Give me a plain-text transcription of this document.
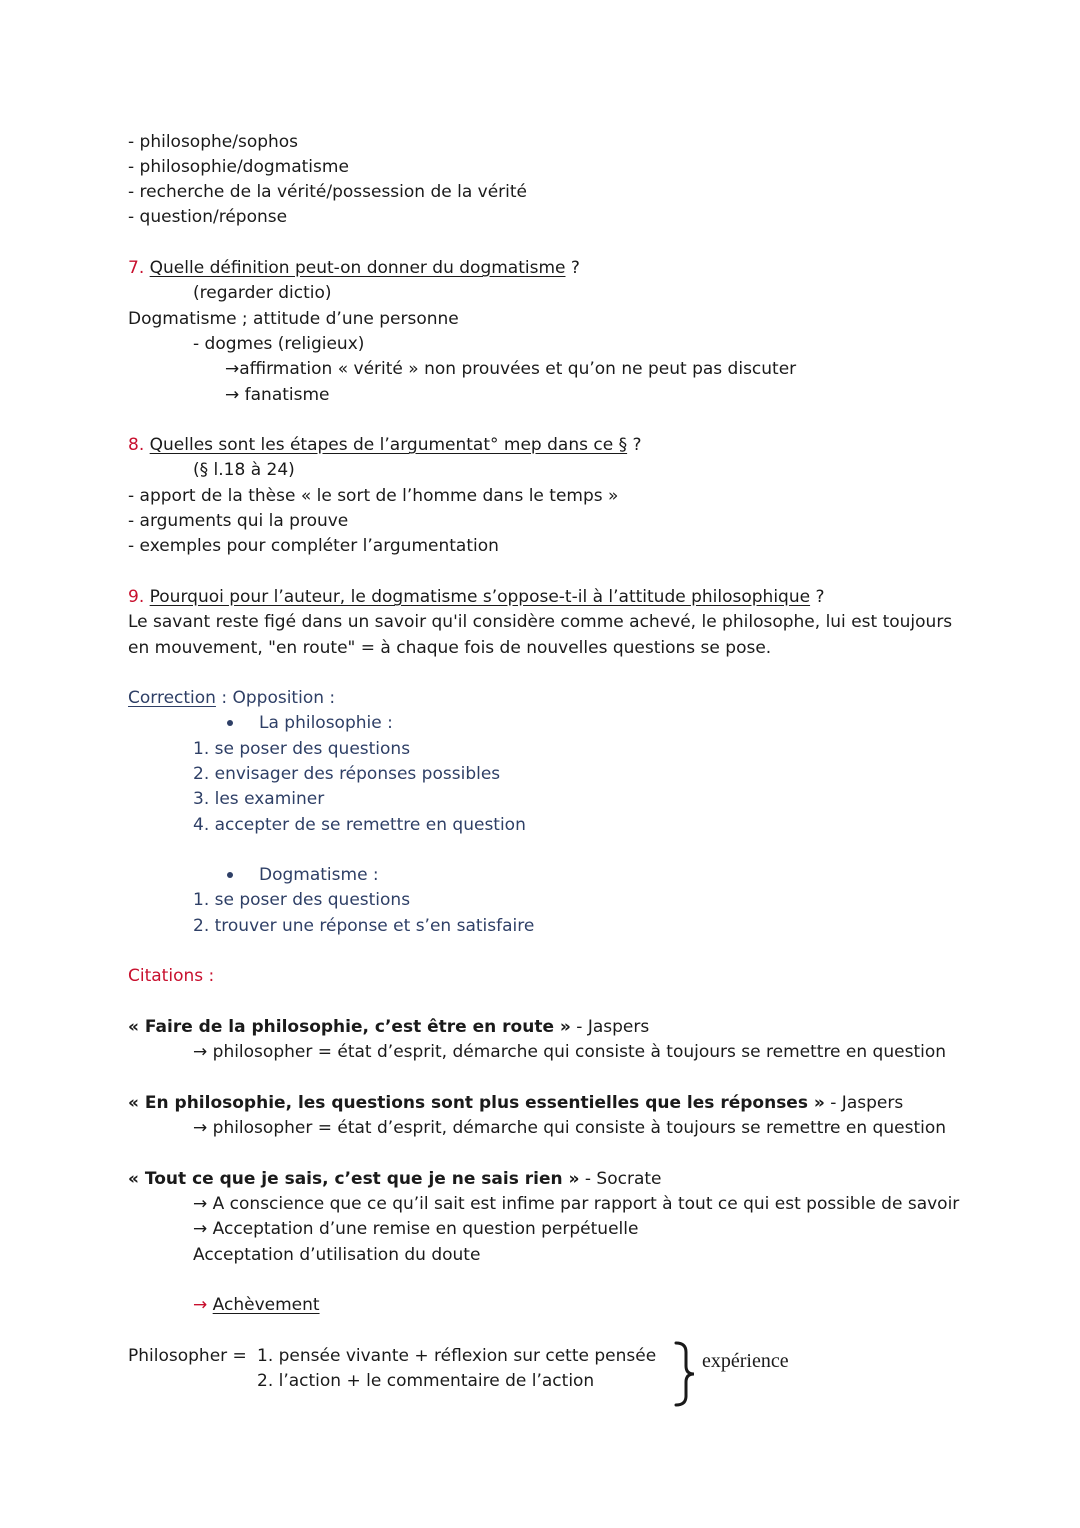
- philosophe/sophos
- philosophie/dogmatisme
- recherche de la vérité/possession de la vérité
- question/réponse
7. Quelle définition peut-on donner du dogmatisme ?
(regarder dictio)
Dogmatisme ; attitude d’une personne
- dogmes (religieux)
→affirmation « vérité » non prouvées et qu’on ne peut pas discuter
→ fanatisme
8. Quelles sont les étapes de l’argumentat° mep dans ce § ?
(§ l.18 à 24)
- apport de la thèse « le sort de l’homme dans le temps »
- arguments qui la prouve
- exemples pour compléter l’argumentation
9. Pourquoi pour l’auteur, le dogmatisme s’oppose-t-il à l’attitude philosophique ?
Le savant reste figé dans un savoir qu'il considère comme achevé, le philosophe, lui est toujours
en mouvement, "en route" = à chaque fois de nouvelles questions se pose.
Correction : Opposition :
La philosophie :
1. se poser des questions
2. envisager des réponses possibles
3. les examiner
4. accepter de se remettre en question
Dogmatisme :
1. se poser des questions
2. trouver une réponse et s’en satisfaire
Citations :
« Faire de la philosophie, c’est être en route » - Jaspers
→ philosopher = état d’esprit, démarche qui consiste à toujours se remettre en question
« En philosophie, les questions sont plus essentielles que les réponses » - Jaspers
→ philosopher = état d’esprit, démarche qui consiste à toujours se remettre en question
« Tout ce que je sais, c’est que je ne sais rien » - Socrate
→ A conscience que ce qu’il sait est infime par rapport à tout ce qui est possible de savoir
→ Acceptation d’une remise en question perpétuelle
Acceptation d’utilisation du doute
→ Achèvement
Philosopher = 1. pensée vivante + réflexion sur cette pensée
2. l’action + le commentaire de l’action
expérience
